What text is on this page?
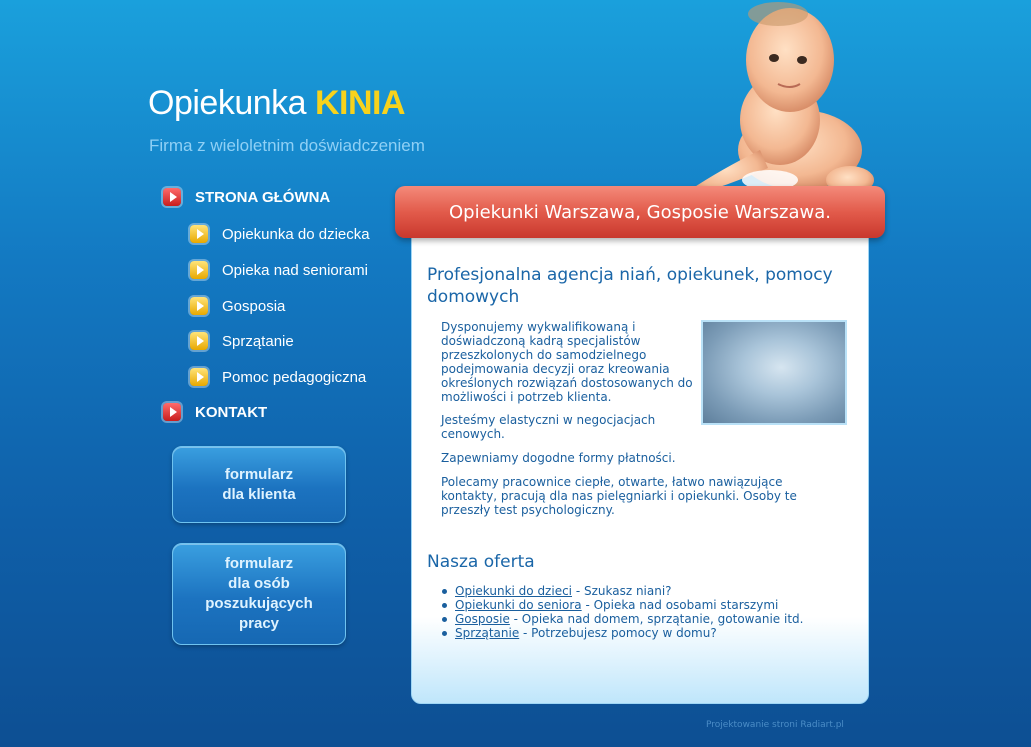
Opiekunka KINIA
Firma z wieloletnim doświadczeniem
STRONA GŁÓWNA
Opiekunka do dziecka
Opieka nad seniorami
Gosposia
Sprzątanie
Pomoc pedagogiczna
KONTAKT
formularz
dla klienta
formularz
dla osób
poszukujących
pracy
Opiekunki Warszawa, Gosposie Warszawa.
Profesjonalna agencja niań, opiekunek, pomocy domowych
Dysponujemy wykwalifikowaną i doświadczoną kadrą specjalistów przeszkolonych do samodzielnego podejmowania decyzji oraz kreowania określonych rozwiązań dostosowanych do możliwości i potrzeb klienta.
Jesteśmy elastyczni w negocjacjach cenowych.
Zapewniamy dogodne formy płatności.
Polecamy pracownice ciepłe, otwarte, łatwo nawiązujące kontakty, pracują dla nas pielęgniarki i opiekunki. Osoby te przeszły test psychologiczny.
Nasza oferta
Opiekunki do dzieci - Szukasz niani?
Opiekunki do seniora - Opieka nad osobami starszymi
Gosposie - Opieka nad domem, sprzątanie, gotowanie itd.
Sprzątanie - Potrzebujesz pomocy w domu?
Projektowanie stroni Radiart.pl
